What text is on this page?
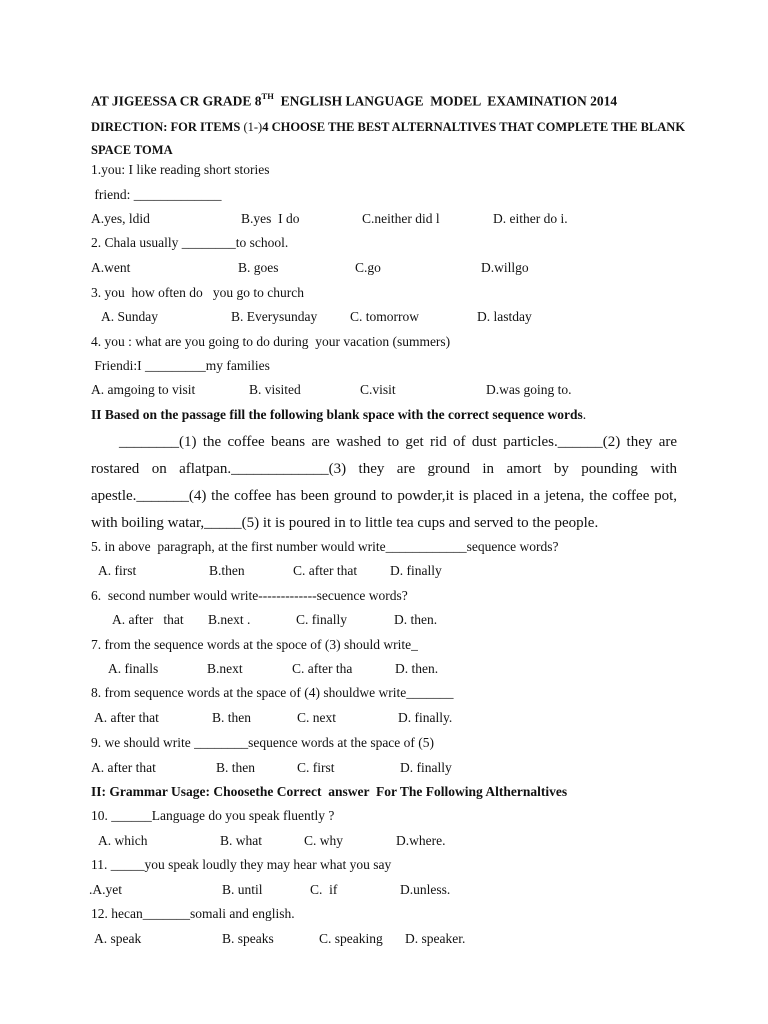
AT JIGEESSA CR GRADE 8TH  ENGLISH LANGUAGE  MODEL  EXAMINATION 2014
DIRECTION: FOR ITEMS (1-)4 CHOOSE THE BEST ALTERNALTIVES THAT COMPLETE THE BLANK SPACE TOMA
1.you: I like reading short stories
friend: _____________
A.yes, ldid	B.yes  I do	C.neither did l	D. either do i.
2. Chala usually ________to school.
A.went	B. goes	C.go	D.willgo
3. you  how often do   you go to church
A. Sunday	B. Everysunday C. tomorrow	D. lastday
4. you : what are you going to do during  your vacation (summers)
Friendi:I _________my families
A. amgoing to visit	B. visited	C.visit	D.was going to.
II Based on the passage fill the following blank space with the correct sequence words.
________(1) the coffee beans are washed to get rid of dust particles.______(2) they are rostared on aflatpan._____________(3) they are ground in amort by pounding with apestle._______(4) the coffee has been ground to powder,it is placed in a jetena, the coffee pot, with boiling watar,_____(5) it is poured in to little tea cups and served to the people.
5. in above  paragraph, at the first number would write____________sequence words?
A. first	B.then	C. after that D. finally
6.  second number would write-------------secuence words?
A. after   that B.next .	C. finally	D. then.
7. from the sequence words at the spoce of (3) should write_
A. finalls	B.next	C. after tha	D. then.
8. from sequence words at the space of (4) shouldwe write_______
A. after that	B. then	C. next	D. finally.
9. we should write ________sequence words at the space of (5)
A. after that	B. then	C. first	D. finally
II: Grammar Usage: Choosethe Correct  answer  For The Following Althernaltives
10. ______Language do you speak fluently ?
A. which	B. what	C. why	D.where.
11. _____you speak loudly they may hear what you say
.A.yet	B. until	C.  if	D.unless.
12. hecan_______somali and english.
A. speak	B. speaks	C. speaking D. speaker.
